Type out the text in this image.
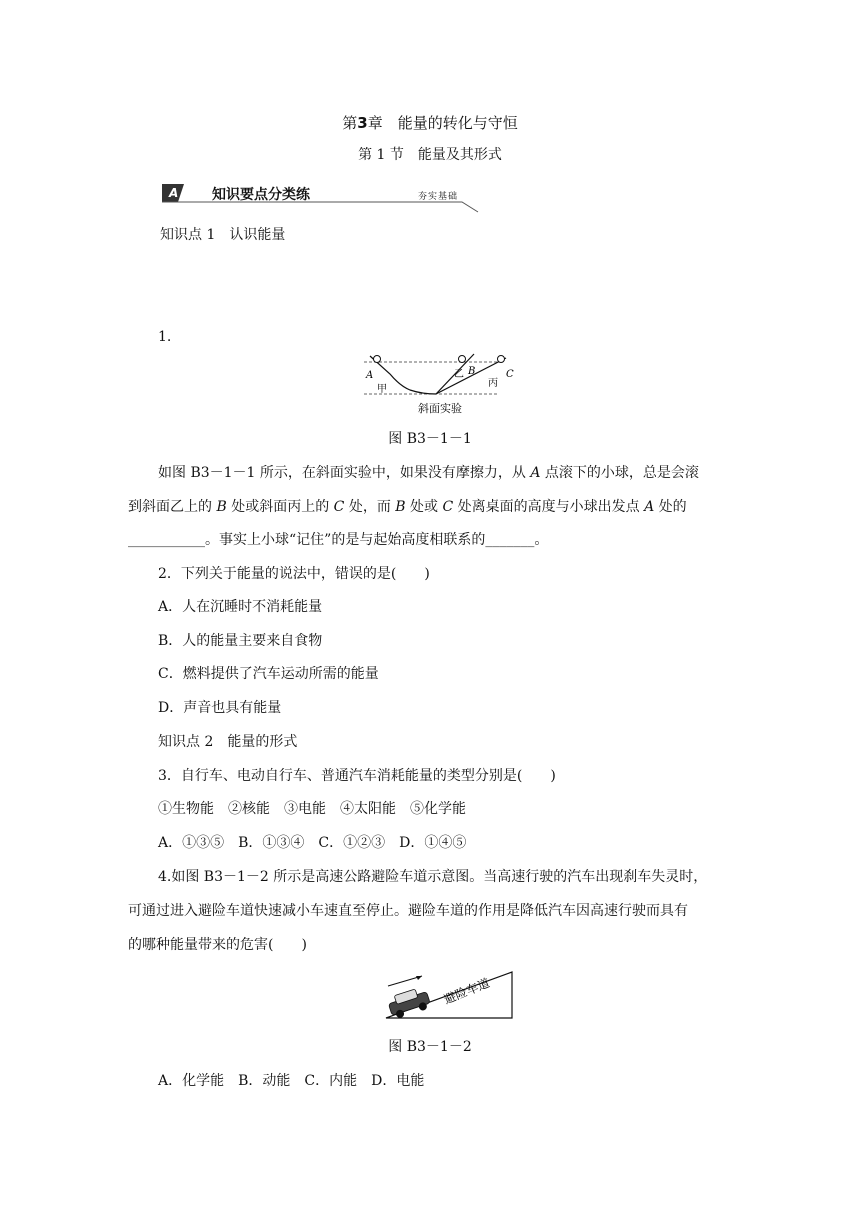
第3章　能量的转化与守恒
第 1 节　能量及其形式
A 知识要点分类练	夯实基础
知识点 1　认识能量
1.
A
甲
乙 B
丙
C
斜面实验
图 B3－1－1
如图 B3－1－1 所示，在斜面实验中，如果没有摩擦力，从 A 点滚下的小球，总是会滚
到斜面乙上的 B 处或斜面丙上的 C 处，而 B 处或 C 处离桌面的高度与小球出发点 A 处的
___________。事实上小球“记住”的是与起始高度相联系的_______。
2．下列关于能量的说法中，错误的是(　　)
A．人在沉睡时不消耗能量
B．人的能量主要来自食物
C．燃料提供了汽车运动所需的能量
D．声音也具有能量
知识点 2　能量的形式
3．自行车、电动自行车、普通汽车消耗能量的类型分别是(　　)
①生物能　②核能　③电能　④太阳能　⑤化学能
A．①③⑤　B．①③④　C．①②③　D．①④⑤
4.如图 B3－1－2 所示是高速公路避险车道示意图。当高速行驶的汽车出现刹车失灵时，
可通过进入避险车道快速减小车速直至停止。避险车道的作用是降低汽车因高速行驶而具有
的哪种能量带来的危害(　　)
避险车道
图 B3－1－2
A．化学能　B．动能　C．内能　D．电能
